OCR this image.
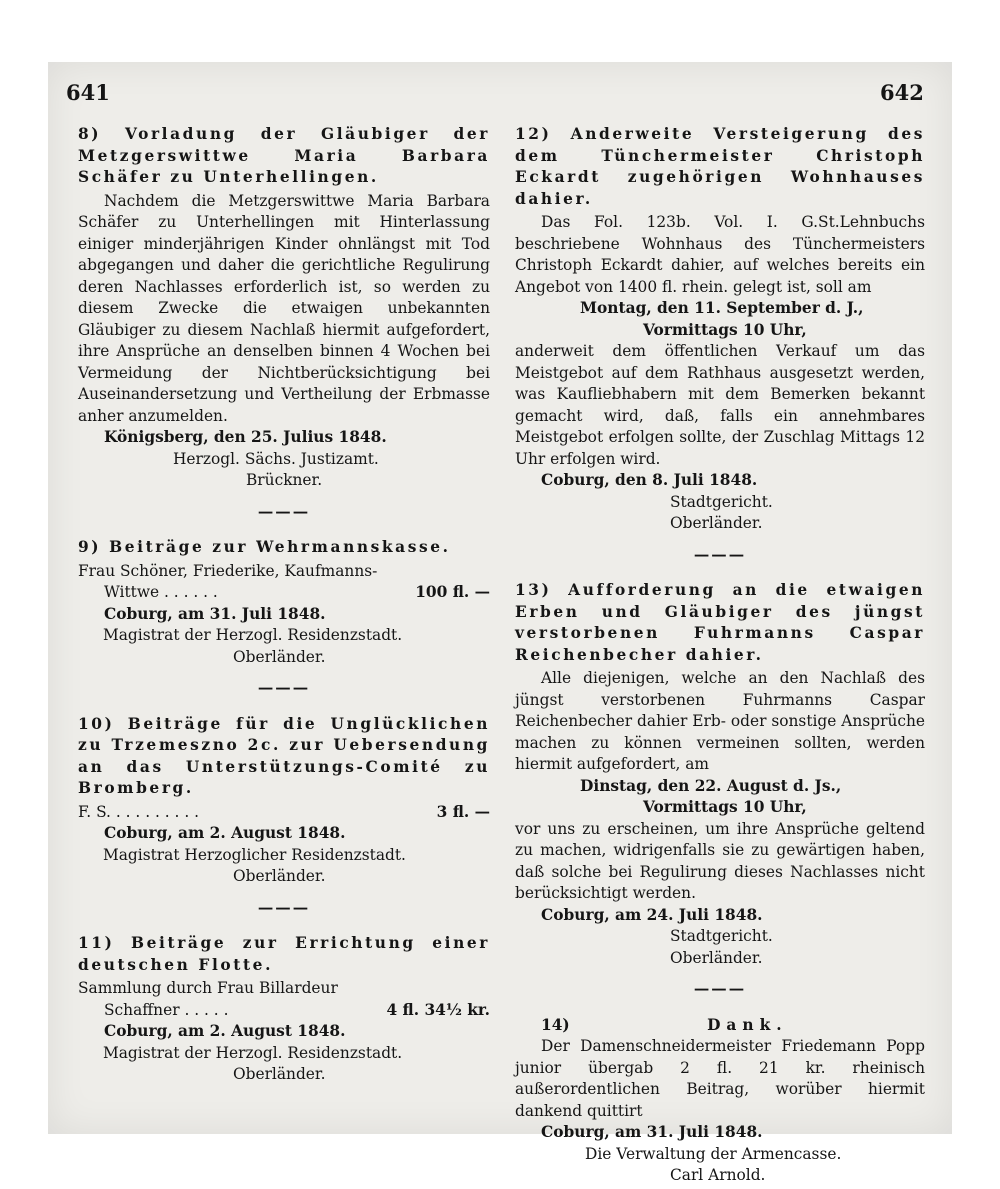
641	642

8) Vorladung der Gläubiger der Metzgerswittwe Maria Barbara Schäfer zu Unterhellingen.

Nachdem die Metzgerswittwe Maria Barbara Schäfer zu Unterhellingen mit Hinterlassung einiger minderjährigen Kinder ohnlängst mit Tod abgegangen und daher die gerichtliche Regulirung deren Nachlasses erforderlich ist, so werden zu diesem Zwecke die etwaigen unbekannten Gläubiger zu diesem Nachlaß hiermit aufgefordert, ihre Ansprüche an denselben binnen 4 Wochen bei Vermeidung der Nichtberücksichtigung bei Auseinandersetzung und Vertheilung der Erbmasse anher anzumelden.

Königsberg, den 25. Julius 1848.

Herzogl. Sächs. Justizamt.

Brückner.

———

9) Beiträge zur Wehrmannskasse.

Frau Schöner, Friederike, Kaufmanns-

Wittwe . . . . . .	100 fl. —

Coburg, am 31. Juli 1848.

Magistrat der Herzogl. Residenzstadt.

Oberländer.

———

10) Beiträge für die Unglücklichen zu Trzemeszno 2c. zur Uebersendung an das Unterstützungs-Comité zu Bromberg.

F. S. . . . . . . . . .	3 fl. —

Coburg, am 2. August 1848.

Magistrat Herzoglicher Residenzstadt.

Oberländer.

———

11) Beiträge zur Errichtung einer deutschen Flotte.

Sammlung durch Frau Billardeur

Schaffner . . . . .	4 fl. 34½ kr.

Coburg, am 2. August 1848.

Magistrat der Herzogl. Residenzstadt.

Oberländer.

12) Anderweite Versteigerung des dem Tünchermeister Christoph Eckardt zugehörigen Wohnhauses dahier.

Das Fol. 123b. Vol. I. G.St.Lehnbuchs beschriebene Wohnhaus des Tünchermeisters Christoph Eckardt dahier, auf welches bereits ein Angebot von 1400 fl. rhein. gelegt ist, soll am

Montag, den 11. September d. J.,

Vormittags 10 Uhr,

anderweit dem öffentlichen Verkauf um das Meistgebot auf dem Rathhaus ausgesetzt werden, was Kaufliebhabern mit dem Bemerken bekannt gemacht wird, daß, falls ein annehmbares Meistgebot erfolgen sollte, der Zuschlag Mittags 12 Uhr erfolgen wird.

Coburg, den 8. Juli 1848.

Stadtgericht.

Oberländer.

———

13) Aufforderung an die etwaigen Erben und Gläubiger des jüngst verstorbenen Fuhrmanns Caspar Reichenbecher dahier.

Alle diejenigen, welche an den Nachlaß des jüngst verstorbenen Fuhrmanns Caspar Reichenbecher dahier Erb- oder sonstige Ansprüche machen zu können vermeinen sollten, werden hiermit aufgefordert, am

Dinstag, den 22. August d. Js.,

Vormittags 10 Uhr,

vor uns zu erscheinen, um ihre Ansprüche geltend zu machen, widrigenfalls sie zu gewärtigen haben, daß solche bei Regulirung dieses Nachlasses nicht berücksichtigt werden.

Coburg, am 24. Juli 1848.

Stadtgericht.

Oberländer.

———
14)	Dank.

Der Damenschneidermeister Friedemann Popp junior übergab 2 fl. 21 kr. rheinisch außerordentlichen Beitrag, worüber hiermit dankend quittirt

Coburg, am 31. Juli 1848.

Die Verwaltung der Armencasse.

Carl Arnold.
